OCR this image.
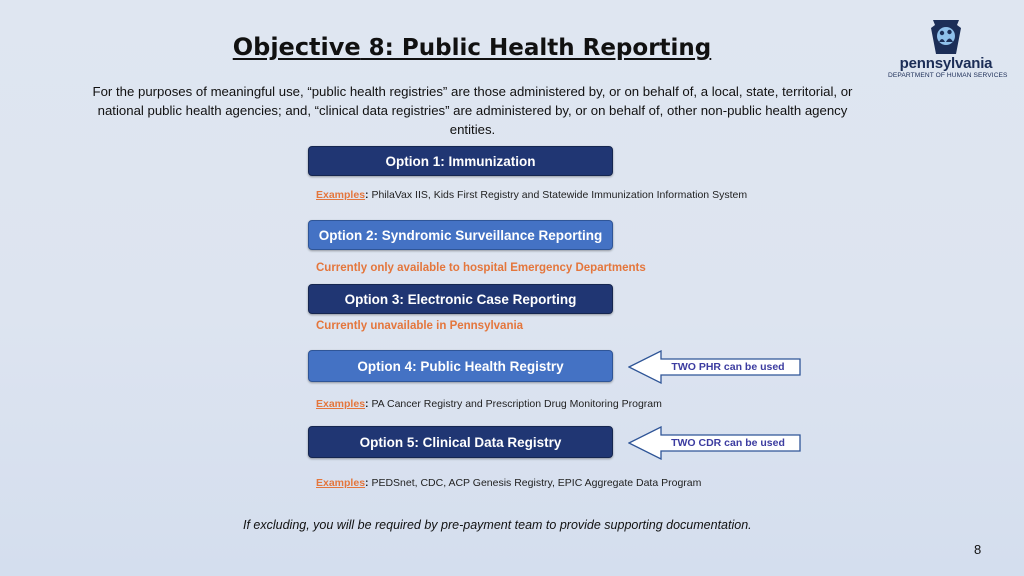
Objective 8: Public Health Reporting
pennsylvania
DEPARTMENT OF HUMAN SERVICES
For the purposes of meaningful use, “public health registries” are those administered by, or on behalf of, a local, state, territorial, or national public health agencies; and, “clinical data registries” are administered by, or on behalf of, other non-public health agency entities.
Option 1: Immunization
Examples: PhilaVax IIS, Kids First Registry and Statewide Immunization Information System
Option 2: Syndromic Surveillance Reporting
Currently only available to hospital Emergency Departments
Option 3: Electronic Case Reporting
Currently unavailable in Pennsylvania
Option 4: Public Health Registry	TWO PHR can be used
Examples: PA Cancer Registry and Prescription Drug Monitoring Program
Option 5: Clinical Data Registry	TWO CDR can be used
Examples: PEDSnet, CDC, ACP Genesis Registry, EPIC Aggregate Data Program
If excluding, you will be required by pre-payment team to provide supporting documentation.
8
